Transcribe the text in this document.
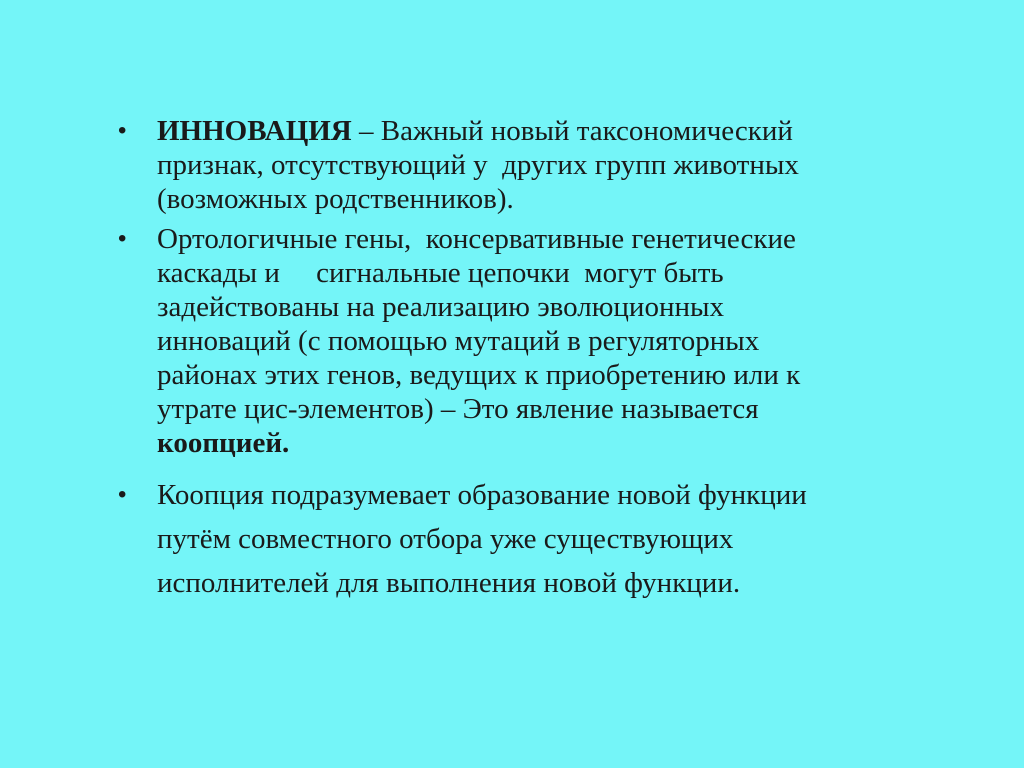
• ИННОВАЦИЯ – Важный новый таксономический
признак, отсутствующий у  других групп животных
(возможных родственников).
• Ортологичные гены,  консервативные генетические
каскады и     сигнальные цепочки  могут быть
задействованы на реализацию эволюционных
инноваций (с помощью мутаций в регуляторных
районах этих генов, ведущих к приобретению или к
утрате цис-элементов) – Это явление называется
коопцией.
• Коопция подразумевает образование новой функции
путём совместного отбора уже существующих
исполнителей для выполнения новой функции.
